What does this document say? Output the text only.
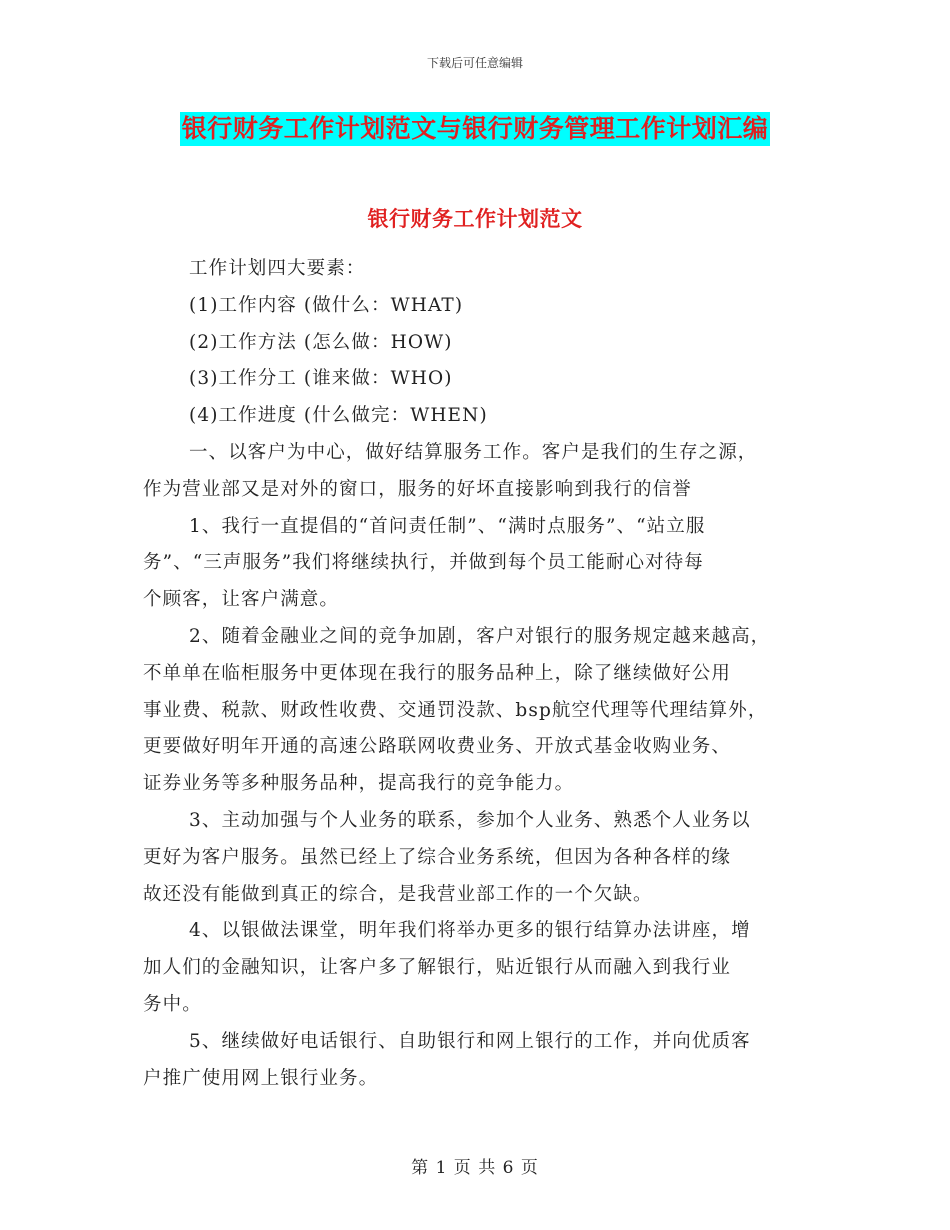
下载后可任意编辑
银行财务工作计划范文与银行财务管理工作计划汇编
银行财务工作计划范文
工作计划四大要素：
(1)工作内容 (做什么：WHAT)
(2)工作方法 (怎么做：HOW)
(3)工作分工 (谁来做：WHO)
(4)工作进度 (什么做完：WHEN)
一、以客户为中心，做好结算服务工作。客户是我们的生存之源，
作为营业部又是对外的窗口，服务的好坏直接影响到我行的信誉
1、我行一直提倡的“首问责任制”、“满时点服务”、“站立服
务”、“三声服务”我们将继续执行，并做到每个员工能耐心对待每
个顾客，让客户满意。
2、随着金融业之间的竞争加剧，客户对银行的服务规定越来越高，
不单单在临柜服务中更体现在我行的服务品种上，除了继续做好公用
事业费、税款、财政性收费、交通罚没款、bsp航空代理等代理结算外，
更要做好明年开通的高速公路联网收费业务、开放式基金收购业务、
证券业务等多种服务品种，提高我行的竞争能力。
3、主动加强与个人业务的联系，参加个人业务、熟悉个人业务以
更好为客户服务。虽然已经上了综合业务系统，但因为各种各样的缘
故还没有能做到真正的综合，是我营业部工作的一个欠缺。
4、以银做法课堂，明年我们将举办更多的银行结算办法讲座，增
加人们的金融知识，让客户多了解银行，贴近银行从而融入到我行业
务中。
5、继续做好电话银行、自助银行和网上银行的工作，并向优质客
户推广使用网上银行业务。
第 1 页 共 6 页
